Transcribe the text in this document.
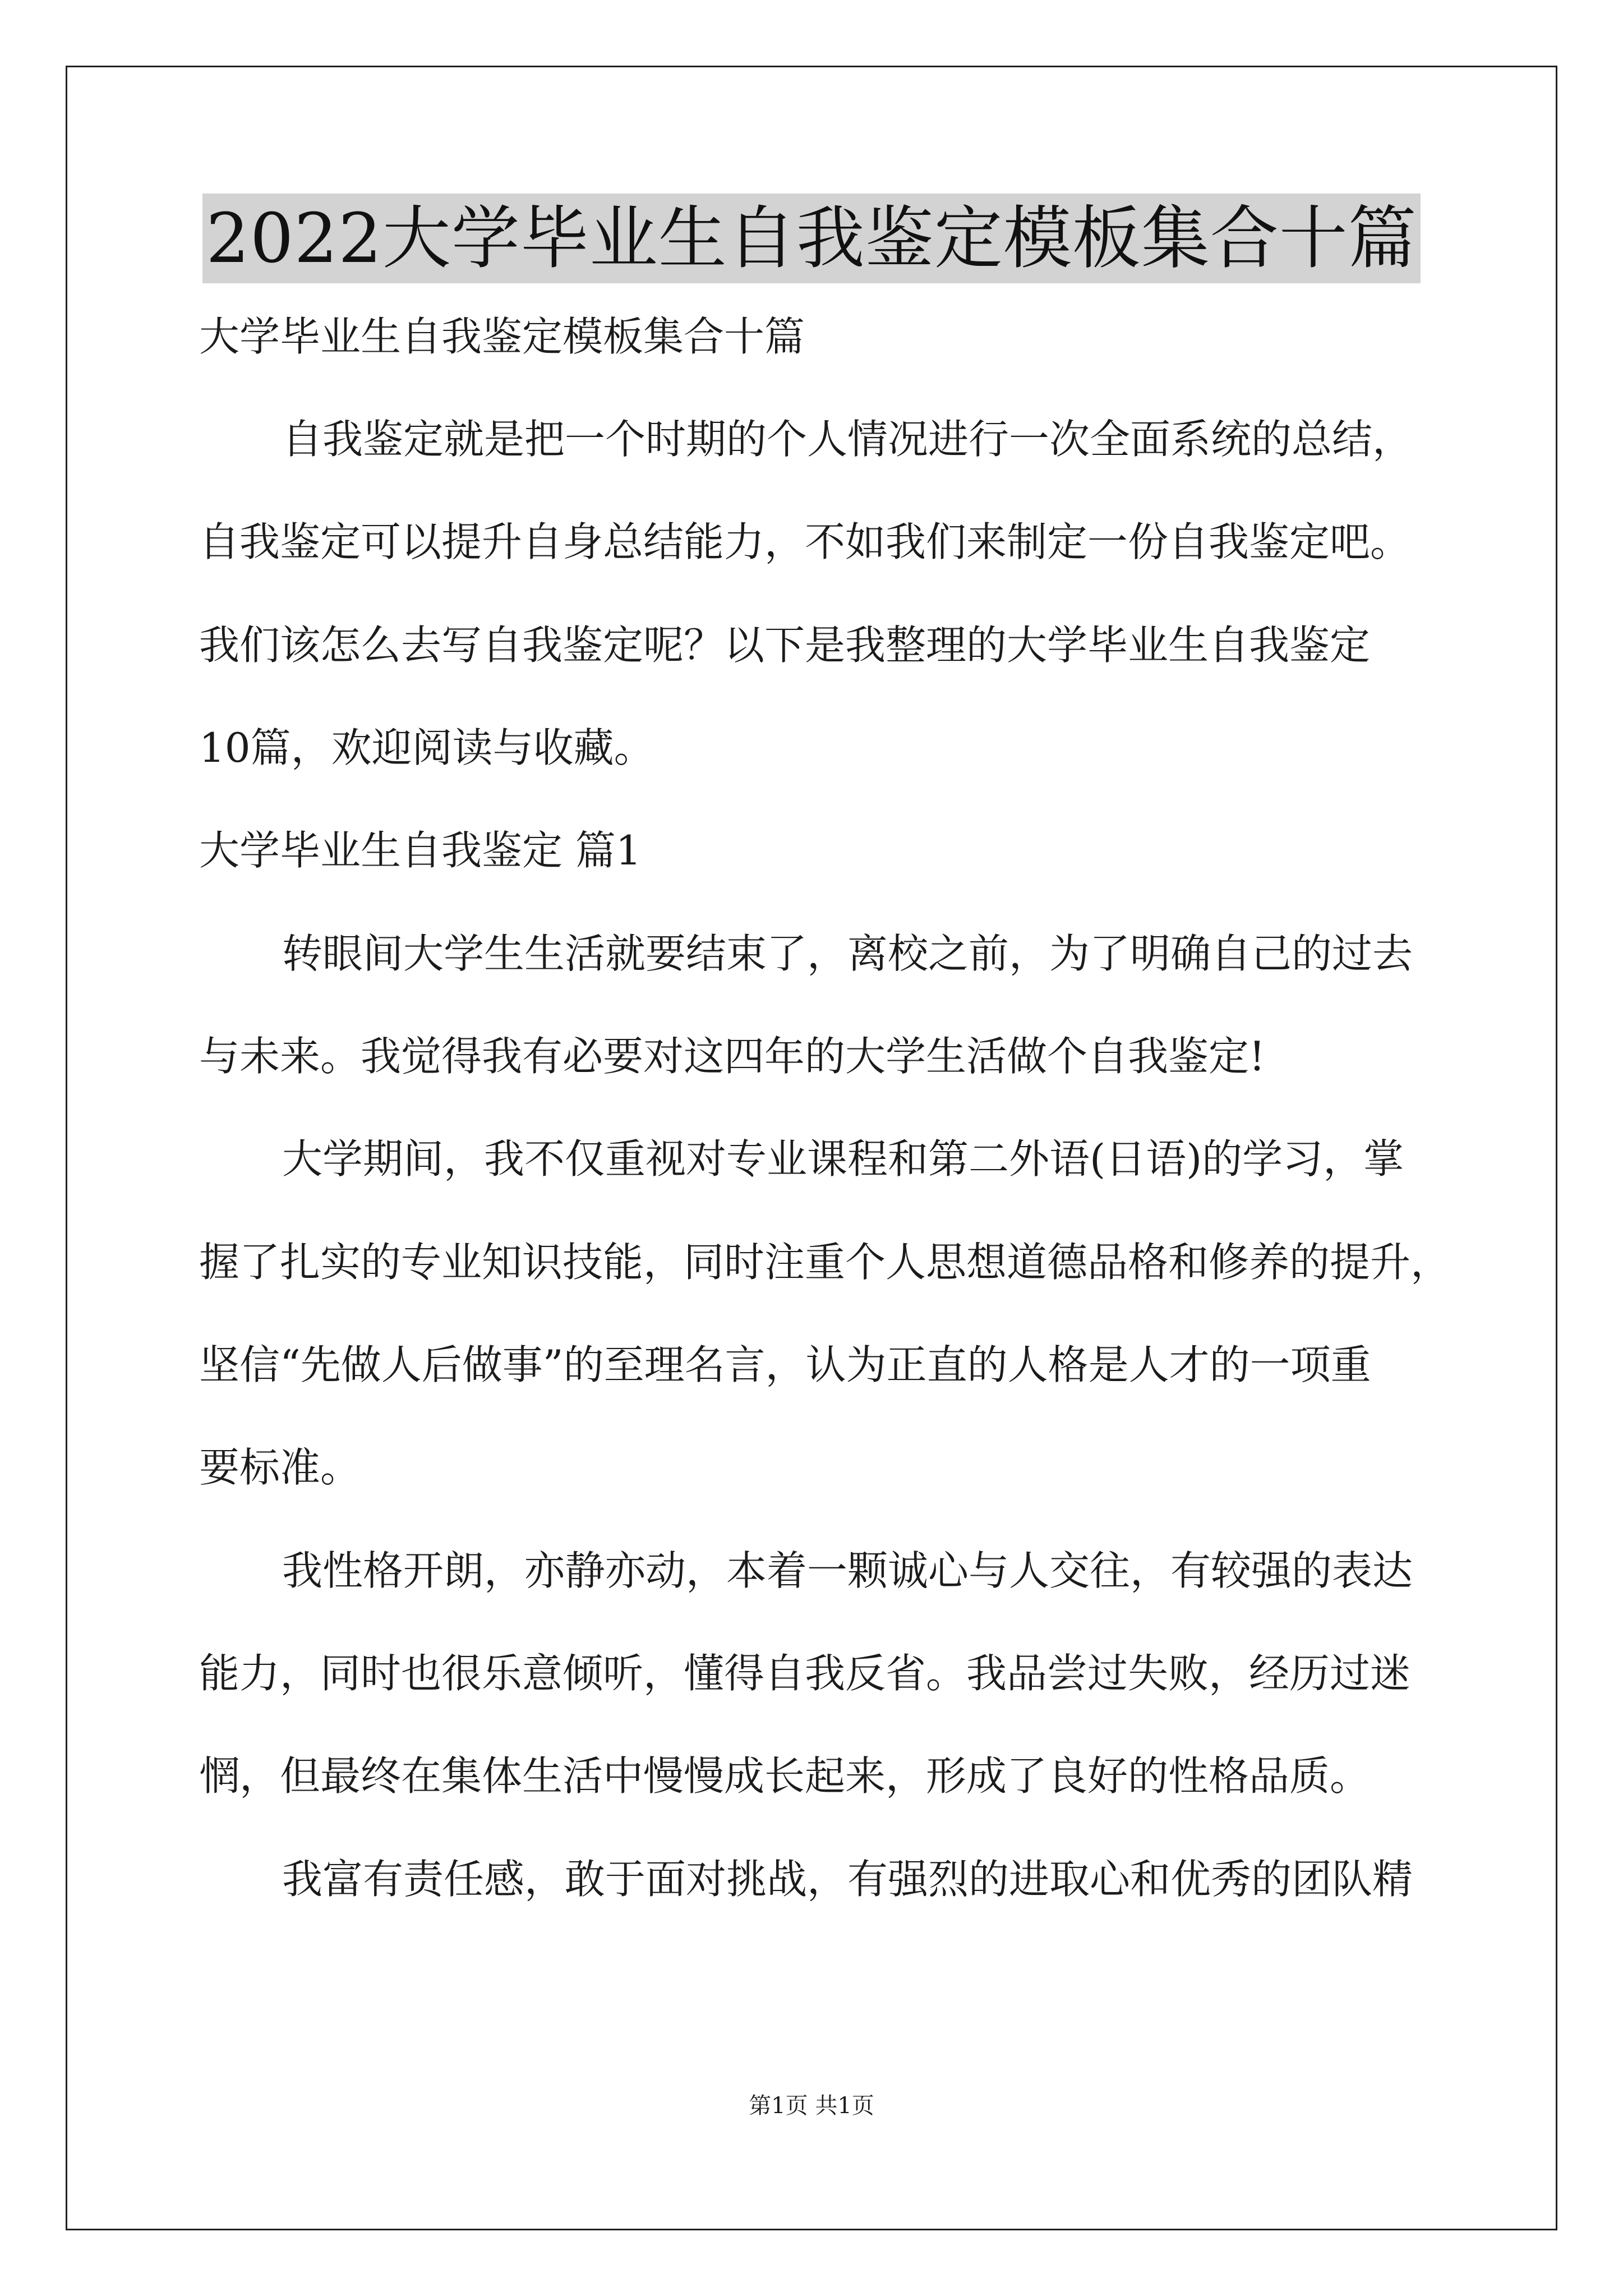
2022大学毕业生自我鉴定模板集合十篇
大学毕业生自我鉴定模板集合十篇
自我鉴定就是把一个时期的个人情况进行一次全面系统的总结，
自我鉴定可以提升自身总结能力，不如我们来制定一份自我鉴定吧。
我们该怎么去写自我鉴定呢？以下是我整理的大学毕业生自我鉴定
10篇，欢迎阅读与收藏。
大学毕业生自我鉴定 篇1
转眼间大学生生活就要结束了，离校之前，为了明确自己的过去
与未来。我觉得我有必要对这四年的大学生活做个自我鉴定!
大学期间，我不仅重视对专业课程和第二外语(日语)的学习，掌
握了扎实的专业知识技能，同时注重个人思想道德品格和修养的提升，
坚信“先做人后做事”的至理名言，认为正直的人格是人才的一项重
要标准。
我性格开朗，亦静亦动，本着一颗诚心与人交往，有较强的表达
能力，同时也很乐意倾听，懂得自我反省。我品尝过失败，经历过迷
惘，但最终在集体生活中慢慢成长起来，形成了良好的性格品质。
我富有责任感，敢于面对挑战，有强烈的进取心和优秀的团队精
第1页 共1页
